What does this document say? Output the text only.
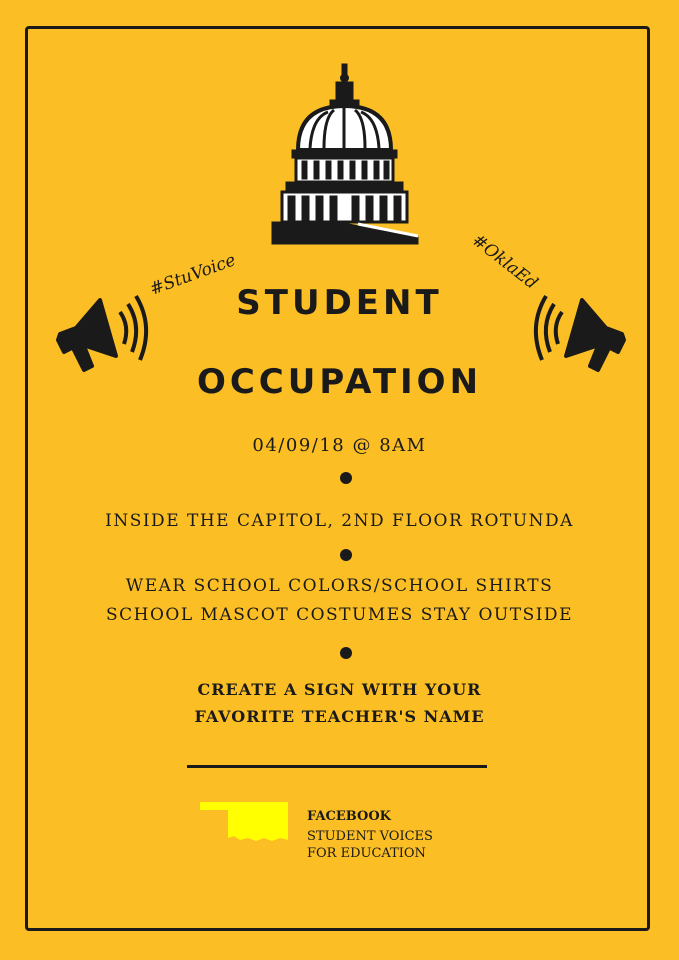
#StuVoice	#OklaEd
STUDENT
OCCUPATION
04/09/18 @ 8AM
INSIDE THE CAPITOL, 2ND FLOOR ROTUNDA
WEAR SCHOOL COLORS/SCHOOL SHIRTS
SCHOOL MASCOT COSTUMES STAY OUTSIDE
CREATE A SIGN WITH YOUR
FAVORITE TEACHER'S NAME
FACEBOOK
STUDENT VOICES
FOR EDUCATION
